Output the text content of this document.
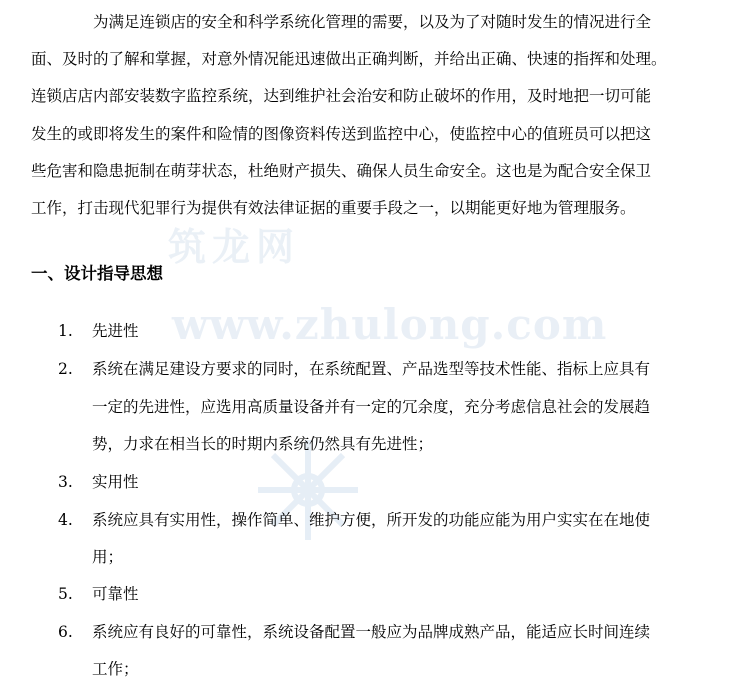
筑龙网
www.zhulong.com
为满足连锁店的安全和科学系统化管理的需要，以及为了对随时发生的情况进行全
面、及时的了解和掌握，对意外情况能迅速做出正确判断，并给出正确、快速的指挥和处理。
连锁店店内部安装数字监控系统，达到维护社会治安和防止破坏的作用，及时地把一切可能
发生的或即将发生的案件和险情的图像资料传送到监控中心，使监控中心的值班员可以把这
些危害和隐患扼制在萌芽状态，杜绝财产损失、确保人员生命安全。这也是为配合安全保卫
工作，打击现代犯罪行为提供有效法律证据的重要手段之一，以期能更好地为管理服务。
一、设计指导思想
1. 先进性
2. 系统在满足建设方要求的同时，在系统配置、产品选型等技术性能、指标上应具有
一定的先进性，应选用高质量设备并有一定的冗余度，充分考虑信息社会的发展趋
势，力求在相当长的时期内系统仍然具有先进性；
3. 实用性
4. 系统应具有实用性，操作简单、维护方便，所开发的功能应能为用户实实在在地使
用；
5. 可靠性
6. 系统应有良好的可靠性，系统设备配置一般应为品牌成熟产品，能适应长时间连续
工作；
